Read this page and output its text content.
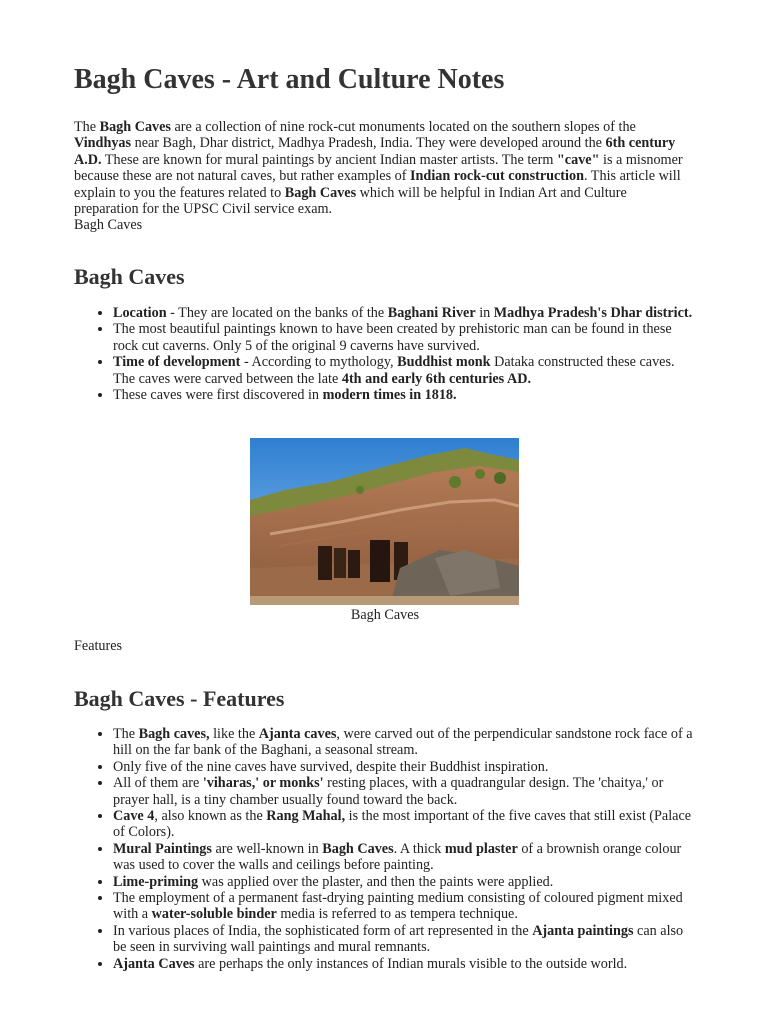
Bagh Caves - Art and Culture Notes

The Bagh Caves are a collection of nine rock-cut monuments located on the southern slopes of the Vindhyas near Bagh, Dhar district, Madhya Pradesh, India. They were developed around the 6th century A.D. These are known for mural paintings by ancient Indian master artists. The term "cave" is a misnomer because these are not natural caves, but rather examples of Indian rock-cut construction. This article will explain to you the features related to Bagh Caves which will be helpful in Indian Art and Culture preparation for the UPSC Civil service exam.

Bagh Caves
Bagh Caves
• Location - They are located on the banks of the Baghani River in Madhya Pradesh's Dhar district.
• The most beautiful paintings known to have been created by prehistoric man can be found in these rock cut caverns. Only 5 of the original 9 caverns have survived.
• Time of development - According to mythology, Buddhist monk Dataka constructed these caves. The caves were carved between the late 4th and early 6th centuries AD.
• These caves were first discovered in modern times in 1818.
Bagh Caves
Features
Bagh Caves - Features
• The Bagh caves, like the Ajanta caves, were carved out of the perpendicular sandstone rock face of a hill on the far bank of the Baghani, a seasonal stream.
• Only five of the nine caves have survived, despite their Buddhist inspiration.
• All of them are 'viharas,' or monks' resting places, with a quadrangular design. The 'chaitya,' or prayer hall, is a tiny chamber usually found toward the back.
• Cave 4, also known as the Rang Mahal, is the most important of the five caves that still exist (Palace of Colors).
• Mural Paintings are well-known in Bagh Caves. A thick mud plaster of a brownish orange colour was used to cover the walls and ceilings before painting.
• Lime-priming was applied over the plaster, and then the paints were applied.
• The employment of a permanent fast-drying painting medium consisting of coloured pigment mixed with a water-soluble binder media is referred to as tempera technique.
• In various places of India, the sophisticated form of art represented in the Ajanta paintings can also be seen in surviving wall paintings and mural remnants.
• Ajanta Caves are perhaps the only instances of Indian murals visible to the outside world.
